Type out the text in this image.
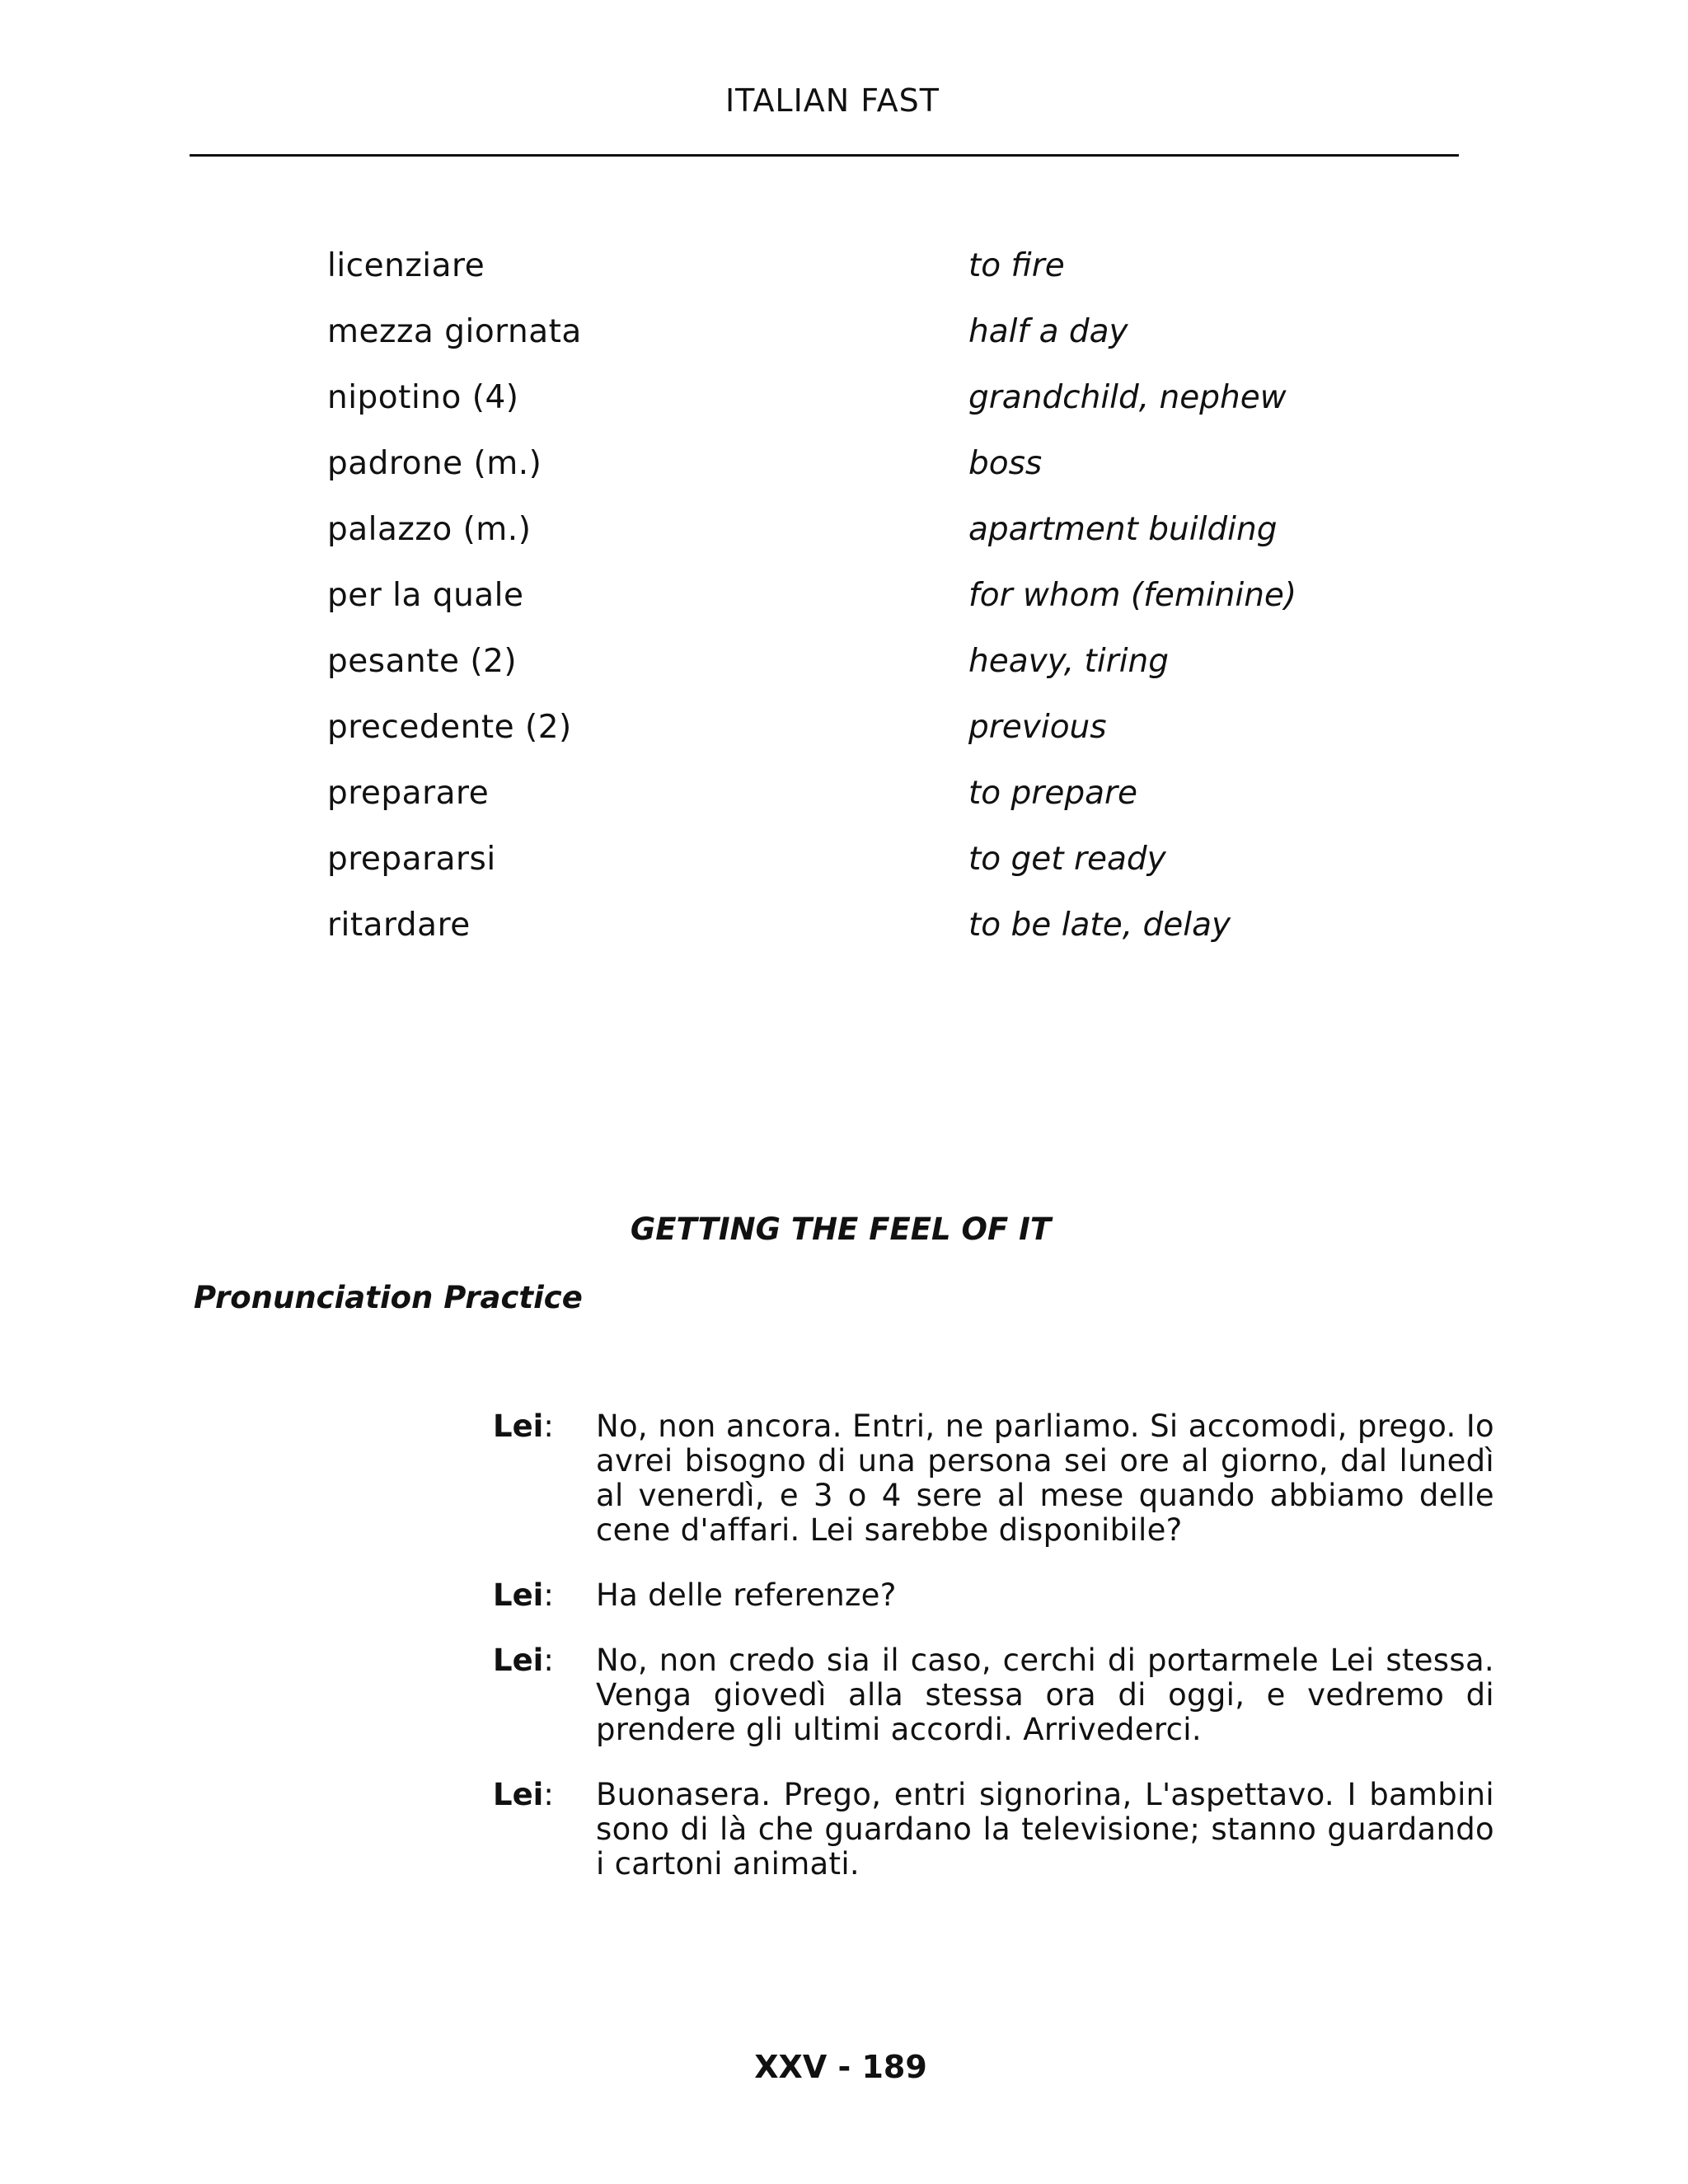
ITALIAN FAST
licenziare	to fire
mezza giornata	half a day
nipotino (4)	grandchild, nephew
padrone (m.)	boss
palazzo (m.)	apartment building
per la quale	for whom (feminine)
pesante (2)	heavy, tiring
precedente (2)	previous
preparare	to prepare
prepararsi	to get ready
ritardare	to be late, delay
GETTING THE FEEL OF IT
Pronunciation Practice
Lei: No, non ancora. Entri, ne parliamo. Si accomodi, prego. Io avrei bisogno di una persona sei ore al giorno, dal lunedì al venerdì, e 3 o 4 sere al mese quando abbiamo delle cene d'affari. Lei sarebbe disponibile?
Lei: Ha delle referenze?
Lei: No, non credo sia il caso, cerchi di portarmele Lei stessa. Venga giovedì alla stessa ora di oggi, e vedremo di prendere gli ultimi accordi. Arrivederci.
Lei: Buonasera. Prego, entri signorina, L'aspettavo. I bambini sono di là che guardano la televisione; stanno guardando i cartoni animati.
XXV - 189
